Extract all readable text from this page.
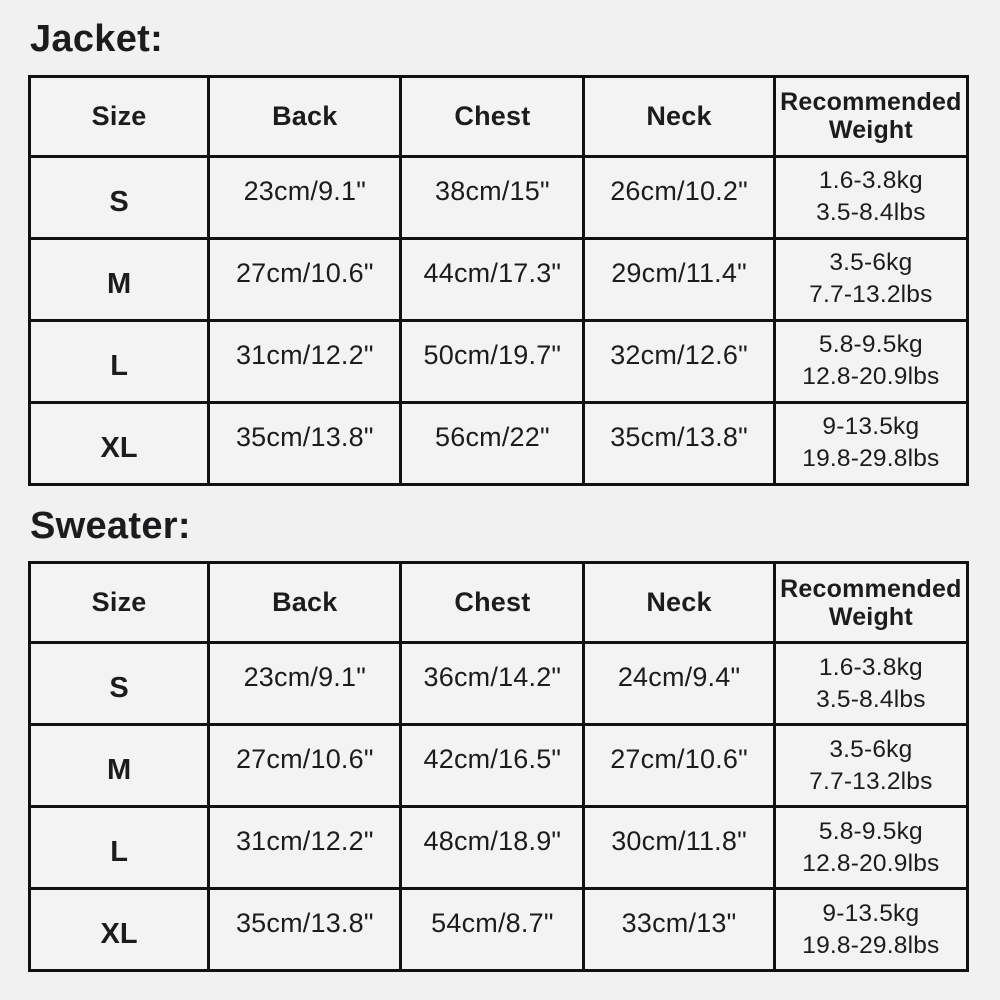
Jacket:
Size	Back	Chest	Neck	Recommended Weight
S	23cm/9.1"	38cm/15"	26cm/10.2"	1.6-3.8kg
3.5-8.4lbs

M	27cm/10.6"	44cm/17.3"	29cm/11.4"	3.5-6kg
7.7-13.2lbs

L	31cm/12.2"	50cm/19.7"	32cm/12.6"	5.8-9.5kg
12.8-20.9lbs

XL	35cm/13.8"	56cm/22"	35cm/13.8"	9-13.5kg
19.8-29.8lbs
Sweater:
Size	Back	Chest	Neck	Recommended Weight
S	23cm/9.1"	36cm/14.2"	24cm/9.4"	1.6-3.8kg
3.5-8.4lbs

M	27cm/10.6"	42cm/16.5"	27cm/10.6"	3.5-6kg
7.7-13.2lbs

L	31cm/12.2"	48cm/18.9"	30cm/11.8"	5.8-9.5kg
12.8-20.9lbs

XL	35cm/13.8"	54cm/8.7"	33cm/13"	9-13.5kg
19.8-29.8lbs
